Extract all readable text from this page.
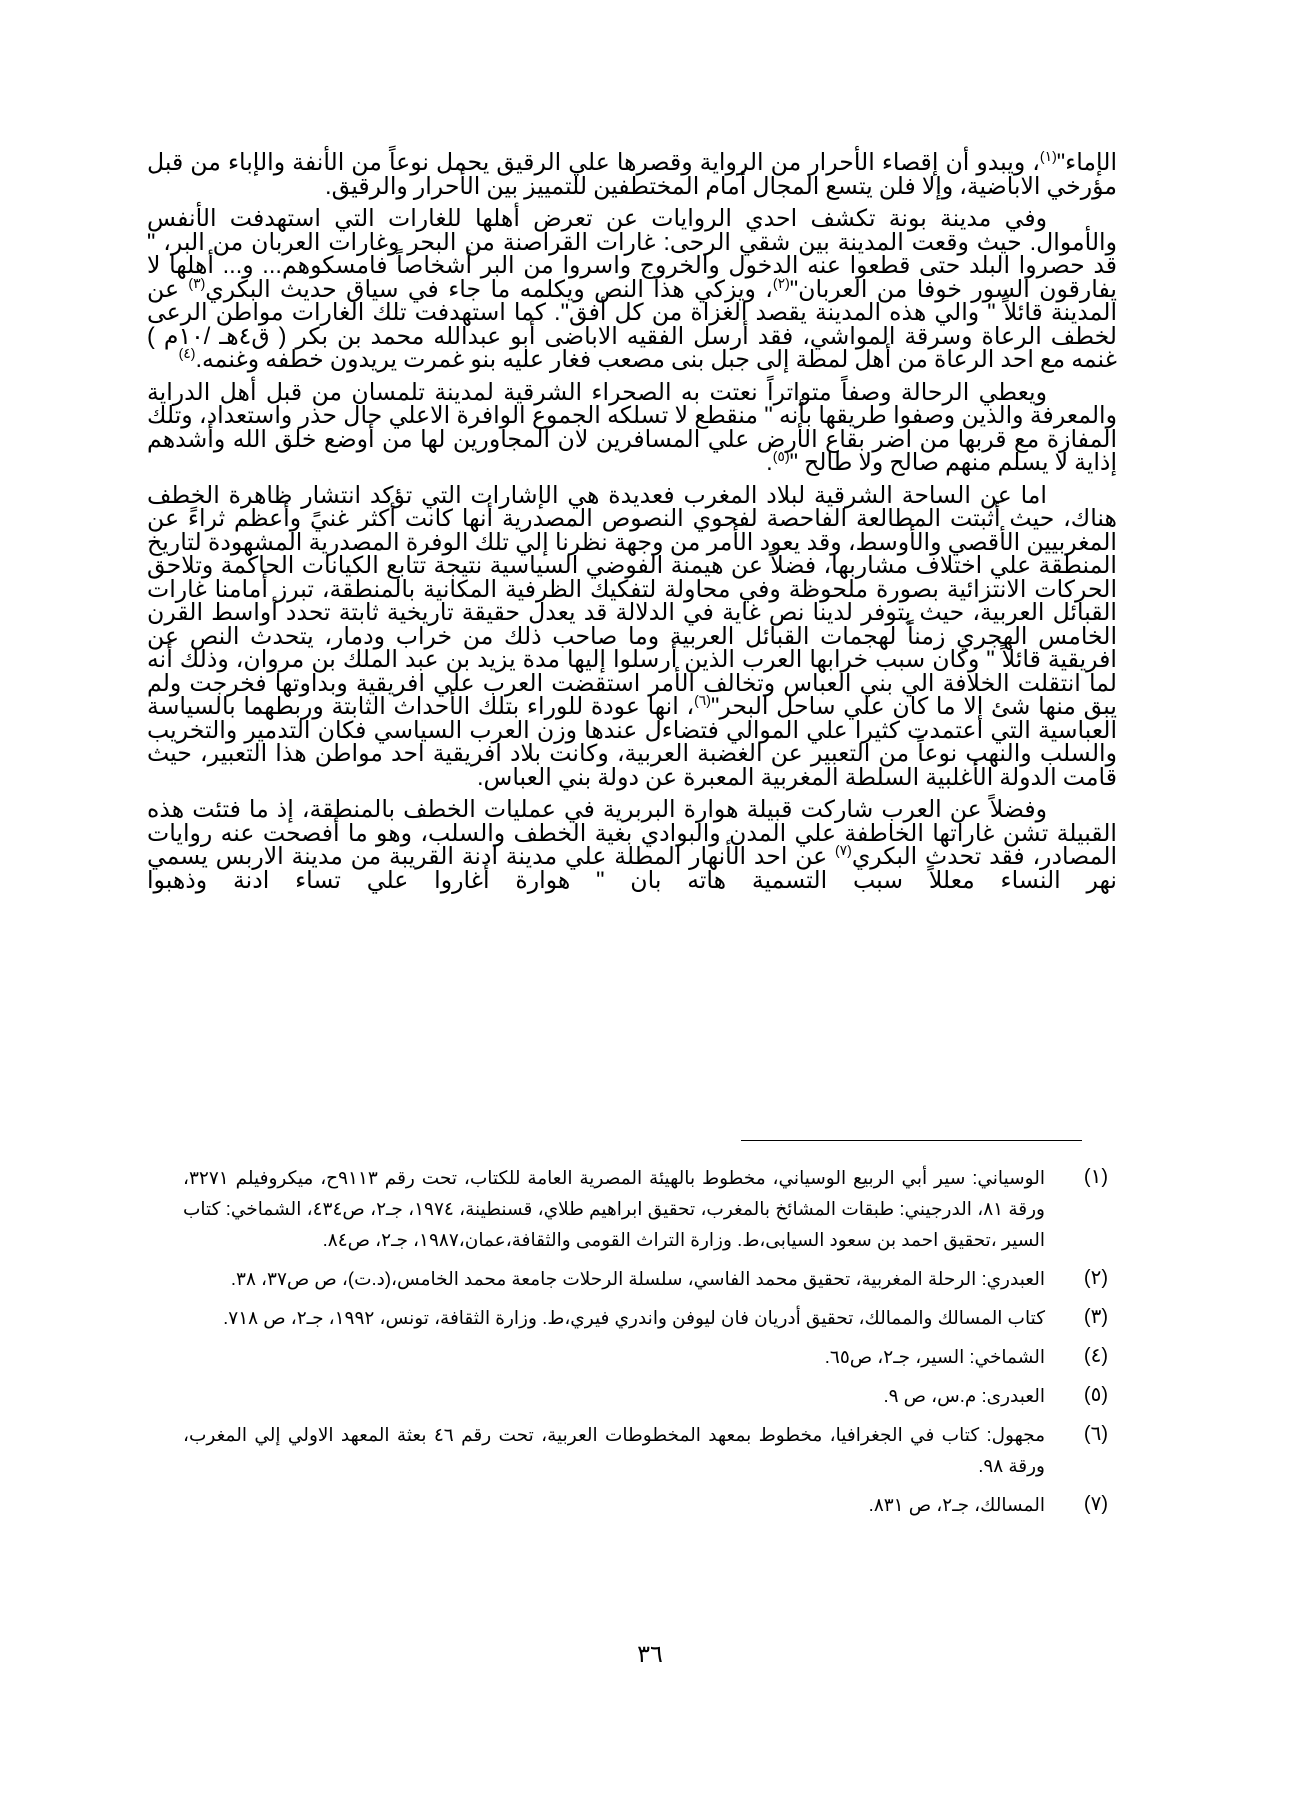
الإماء"$^{(١)}$، ويبدو أن إقصاء الأحرار من الرواية وقصرها علي الرقيق يحمل نوعاً من الأنفة والإباء من قبل مؤرخي الاباضية، وإلا فلن يتسع المجال أمام المختطفين للتمييز بين الأحرار والرقيق.

وفي مدينة بونة تكشف احدي الروايات عن تعرض أهلها للغارات التي استهدفت الأنفس والأموال. حيث وقعت المدينة بين شقي الرحى: غارات القراصنة من البحر وغارات العربان من البر، " قد حصروا البلد حتى قطعوا عنه الدخول والخروج واسروا من البر أشخاصاً فامسكوهم... و... أهلها لا يفارقون السور خوفا من العربان"$^{(٢)}$، ويزكي هذا النص ويكلمه ما جاء في سياق حديث البكري$^{(٣)}$ عن المدينة قائلاً " والي هذه المدينة يقصد الغزاة من كل أفق". كما استهدفت تلك الغارات مواطن الرعى لخطف الرعاة وسرقة المواشي، فقد أرسل الفقيه الاباضى أبو عبدالله محمد بن بكر ( ق٤هـ /١٠م ) غنمه مع احد الرعاة من أهل لمطة إلى جبل بنى مصعب فغار عليه بنو غمرت يريدون خطفه وغنمه.$^{(٤)}$

ويعطي الرحالة وصفاً متواتراً نعتت به الصحراء الشرقية لمدينة تلمسان من قبل أهل الدراية والمعرفة والذين وصفوا طريقها بأنه " منقطع لا تسلكه الجموع الوافرة الاعلي حال حذر واستعداد، وتلك المفازة مع قربها من اضر بقاع الأرض علي المسافرين لان المجاورين لها من أوضع خلق الله وأشدهم إذاية لا يسلم منهم صالح ولا طالح "$^{(٥)}$.

اما عن الساحة الشرقية لبلاد المغرب فعديدة هي الإشارات التي تؤكد انتشار ظاهرة الخطف هناك، حيث أثبتت المطالعة الفاحصة لفحوي النصوص المصدرية أنها كانت أكثر غنيً وأعظم ثراءً عن المغربيين الأقصي والأوسط، وقد يعود الأمر من وجهة نظرنا إلي تلك الوفرة المصدرية المشهودة لتاريخ المنطقة علي اختلاف مشاربها، فضلاً عن هيمنة الفوضي السياسية نتيجة تتابع الكيانات الحاكمة وتلاحق الحركات الانتزائية بصورة ملحوظة وفي محاولة لتفكيك الظرفية المكانية بالمنطقة، تبرز أمامنا غارات القبائل العربية، حيث يتوفر لدينا نص غاية في الدلالة قد يعدل حقيقة تاريخية ثابتة تحدد أواسط القرن الخامس الهجري زمناً لهجمات القبائل العربية وما صاحب ذلك من خراب ودمار، يتحدث النص عن افريقية قائلاً " وكان سبب خرابها العرب الذين أرسلوا إليها مدة يزيد بن عبد الملك بن مروان، وذلك أنه لما انتقلت الخلافة الي بني العباس وتخالف الأمر استقضت العرب علي افريقية وبداوتها فخرجت ولم يبق منها شئ إلا ما كان علي ساحل البحر"$^{(٦)}$، انها عودة للوراء بتلك الأحداث الثابتة وربطهما بالسياسة العباسية التي اعتمدت كثيرا علي الموالي فتضاءل عندها وزن العرب السياسي فكان التدمير والتخريب والسلب والنهب نوعاً من التعبير عن الغضبة العربية، وكانت بلاد افريقية احد مواطن هذا التعبير، حيث قامت الدولة الأغلبية السلطة المغربية المعبرة عن دولة بني العباس.

وفضلاً عن العرب شاركت قبيلة هوارة البربرية في عمليات الخطف بالمنطقة، إذ ما فتئت هذه القبيلة تشن غاراتها الخاطفة علي المدن والبوادي بغية الخطف والسلب، وهو ما أفصحت عنه روايات المصادر، فقد تحدث البكري$^{(٧)}$ عن احد الأنهار المطلة علي مدينة ادنة القريبة من مدينة الاربس يسمي نهر النساء معللاً سبب التسمية هاته بان " هوارة أغاروا علي تساء ادنة وذهبوا

(١)
الوسياني: سير أبي الربيع الوسياني، مخطوط بالهيئة المصرية العامة للكتاب، تحت رقم ٩١١٣ح، ميكروفيلم ٣٢٧١، ورقة ٨١، الدرجيني: طبقات المشائخ بالمغرب، تحقيق ابراهيم طلاي، قسنطينة، ١٩٧٤، جـ٢، ص٤٣٤، الشماخي: كتاب السير ،تحقيق احمد بن سعود السيابى،ط. وزارة التراث القومى والثقافة،عمان،١٩٨٧، جـ٢، ص٨٤.
(٢)
العبدري: الرحلة المغربية، تحقيق محمد الفاسي، سلسلة الرحلات جامعة محمد الخامس،(د.ت)، ص ص٣٧، ٣٨.
(٣)
كتاب المسالك والممالك، تحقيق أدريان فان ليوفن واندري فيري،ط. وزارة الثقافة، تونس، ١٩٩٢، جـ٢، ص ٧١٨.
(٤)
الشماخي: السير، جـ٢، ص٦٥.
(٥)
العبدرى: م.س، ص ٩.
(٦)
مجهول: كتاب في الجغرافيا، مخطوط بمعهد المخطوطات العربية، تحت رقم ٤٦ بعثة المعهد الاولي إلي المغرب، ورقة ٩٨.
(٧)
المسالك، جـ٢، ص ٨٣١.
٣٦
